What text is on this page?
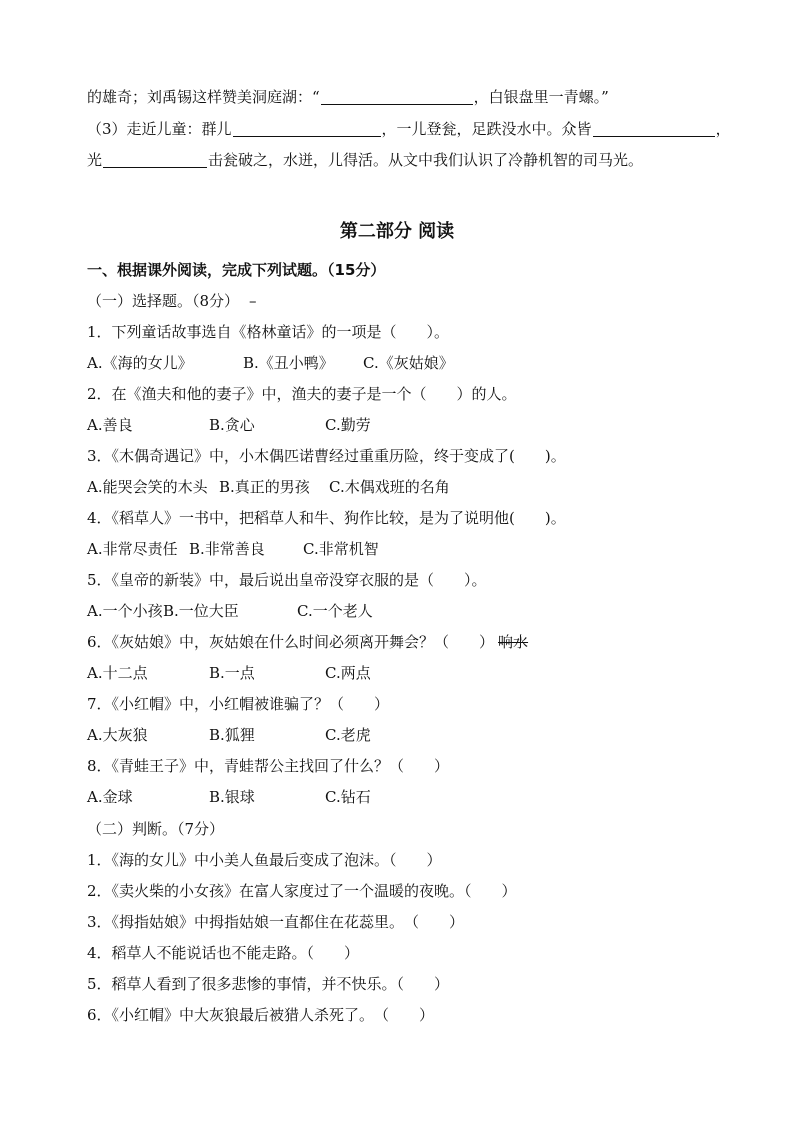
的雄奇；刘禹锡这样赞美洞庭湖：“	，白银盘里一青螺。”
（3）走近儿童：群儿	，一儿登瓮，足跌没水中。众皆	，
光	击瓮破之，水迸，儿得活。从文中我们认识了冷静机智的司马光。
第二部分 阅读
一、根据课外阅读，完成下列试题。（15分）
（一）选择题。（8分） –
1．下列童话故事选自《格林童话》的一项是（　　）。
A.《海的女儿》	B.《丑小鸭》 C.《灰姑娘》
2．在《渔夫和他的妻子》中，渔夫的妻子是一个（　　）的人。
A.善良	B.贪心	C.勤劳
3．《木偶奇遇记》中，小木偶匹诺曹经过重重历险，终于变成了(　　)。
A.能哭会笑的木头 B.真正的男孩 C.木偶戏班的名角
4．《稻草人》一书中，把稻草人和牛、狗作比较，是为了说明他(　　)。
A.非常尽责任 B.非常善良	C.非常机智
5．《皇帝的新装》中，最后说出皇帝没穿衣服的是（　　）。
A.一个小孩 B.一位大臣	C.一个老人
6．《灰姑娘》中，灰姑娘在什么时间必须离开舞会？（　　） 响水
A.十二点	B.一点	C.两点
7．《小红帽》中，小红帽被谁骗了？（　　）
A.大灰狼	B.狐狸	C.老虎
8．《青蛙王子》中，青蛙帮公主找回了什么？（　　）
A.金球	B.银球	C.钻石
（二）判断。（7分）
1．《海的女儿》中小美人鱼最后变成了泡沫。（　　）
2．《卖火柴的小女孩》在富人家度过了一个温暖的夜晚。（　　）
3．《拇指姑娘》中拇指姑娘一直都住在花蕊里。　（　　）
4．稻草人不能说话也不能走路。（　　）
5．稻草人看到了很多悲惨的事情，并不快乐。（　　）
6．《小红帽》中大灰狼最后被猎人杀死了。　（　　）
